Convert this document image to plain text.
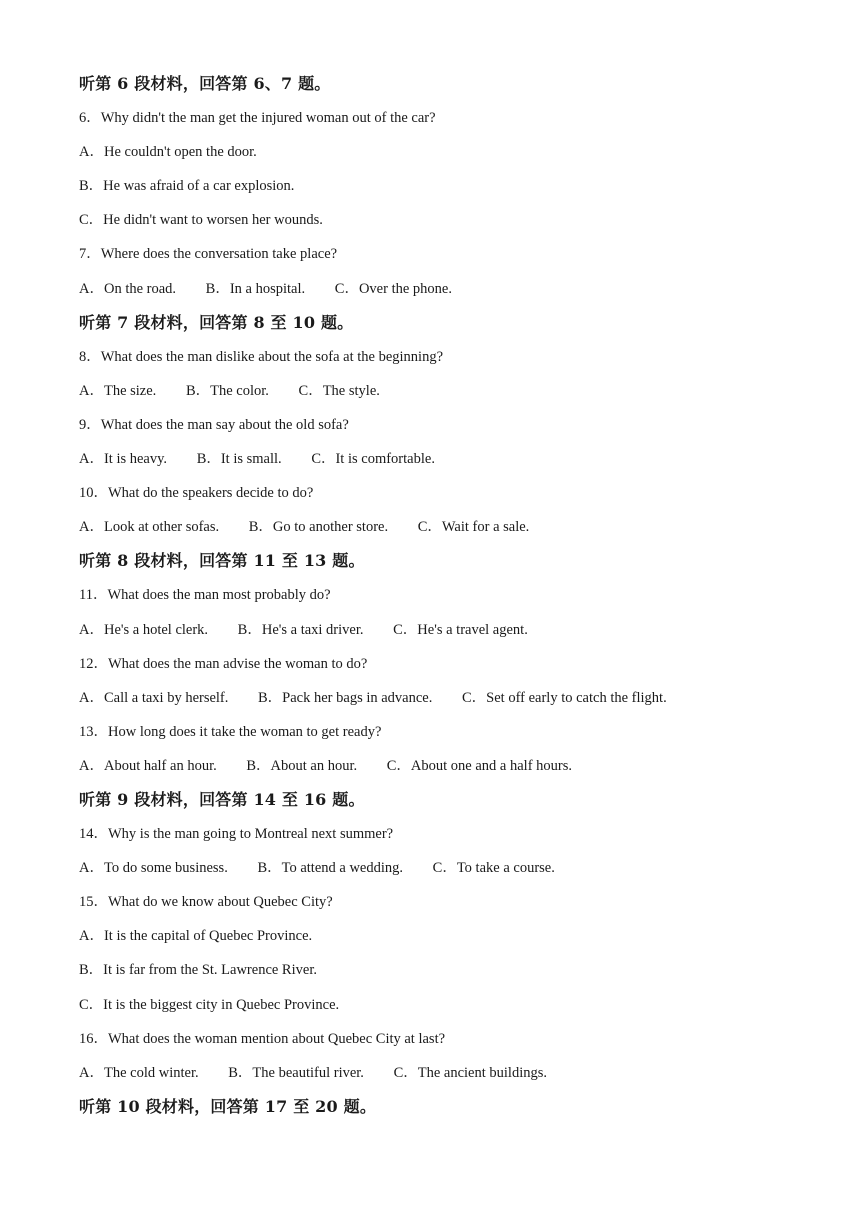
听第 6 段材料，回答第 6、7 题。
6．Why didn't the man get the injured woman out of the car?
A．He couldn't open the door.
B．He was afraid of a car explosion.
C．He didn't want to worsen her wounds.
7．Where does the conversation take place?
A．On the road. B．In a hospital. C．Over the phone.
听第 7 段材料，回答第 8 至 10 题。
8．What does the man dislike about the sofa at the beginning?
A．The size. B．The color. C．The style.
9．What does the man say about the old sofa?
A．It is heavy. B．It is small. C．It is comfortable.
10．What do the speakers decide to do?
A．Look at other sofas. B．Go to another store. C．Wait for a sale.
听第 8 段材料，回答第 11 至 13 题。
11．What does the man most probably do?
A．He's a hotel clerk. B．He's a taxi driver. C．He's a travel agent.
12．What does the man advise the woman to do?
A．Call a taxi by herself. B．Pack her bags in advance. C．Set off early to catch the flight.
13．How long does it take the woman to get ready?
A．About half an hour. B．About an hour. C．About one and a half hours.
听第 9 段材料，回答第 14 至 16 题。
14．Why is the man going to Montreal next summer?
A．To do some business. B．To attend a wedding. C．To take a course.
15．What do we know about Quebec City?
A．It is the capital of Quebec Province.
B．It is far from the St. Lawrence River.
C．It is the biggest city in Quebec Province.
16．What does the woman mention about Quebec City at last?
A．The cold winter. B．The beautiful river. C．The ancient buildings.
听第 10 段材料，回答第 17 至 20 题。
